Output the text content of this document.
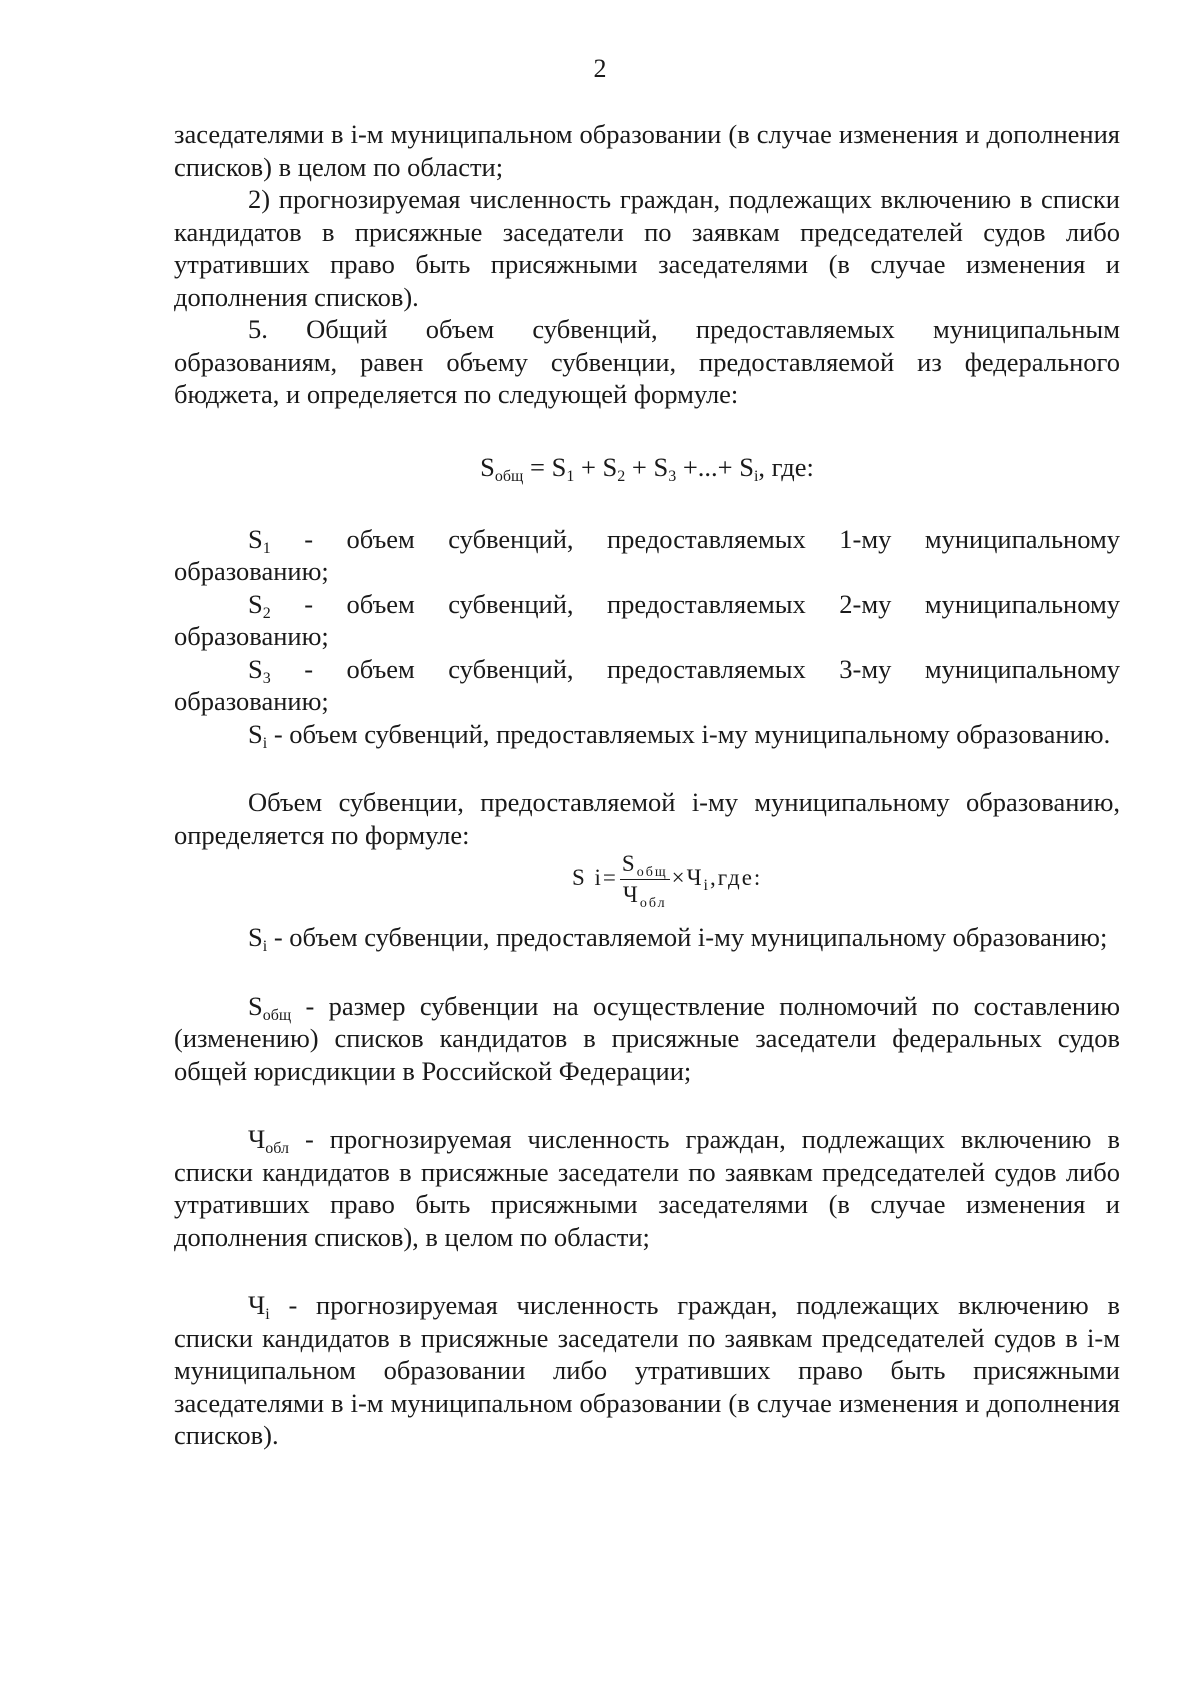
2

заседателями в i-м муниципальном образовании (в случае изменения и дополнения списков) в целом по области;

2) прогнозируемая численность граждан, подлежащих включению в списки кандидатов в присяжные заседатели по заявкам председателей судов либо утративших право быть присяжными заседателями (в случае изменения и дополнения списков).

5. Общий объем субвенций, предоставляемых муниципальным образованиям, равен объему субвенции, предоставляемой из федерального бюджета, и определяется по следующей формуле:

$S_{общ} = S_1 + S_2 + S_3$ +...+ $S_i$, где:

$S_1$ - объем субвенций, предоставляемых 1-му муниципальному образованию;

$S_2$ - объем субвенций, предоставляемых 2-му муниципальному образованию;

$S_3$ - объем субвенций, предоставляемых 3-му муниципальному образованию;

$S_i$ - объем субвенций, предоставляемых i-му муниципальному образованию.

Объем субвенции, предоставляемой i-му муниципальному образованию, определяется по формуле:

S $i= \frac{S_{общ}}{Ч_{обл}} \times Ч_i,где$:

$S_i$ - объем субвенции, предоставляемой i-му муниципальному образованию;

$S_{общ}$ - размер субвенции на осуществление полномочий по составлению (изменению) списков кандидатов в присяжные заседатели федеральных судов общей юрисдикции в Российской Федерации;

$Ч_{обл}$ - прогнозируемая численность граждан, подлежащих включению в списки кандидатов в присяжные заседатели по заявкам председателей судов либо утративших право быть присяжными заседателями (в случае изменения и дополнения списков), в целом по области;

$Ч_i$ - прогнозируемая численность граждан, подлежащих включению в списки кандидатов в присяжные заседатели по заявкам председателей судов в i-м муниципальном образовании либо утративших право быть присяжными заседателями в i-м муниципальном образовании (в случае изменения и дополнения списков).
